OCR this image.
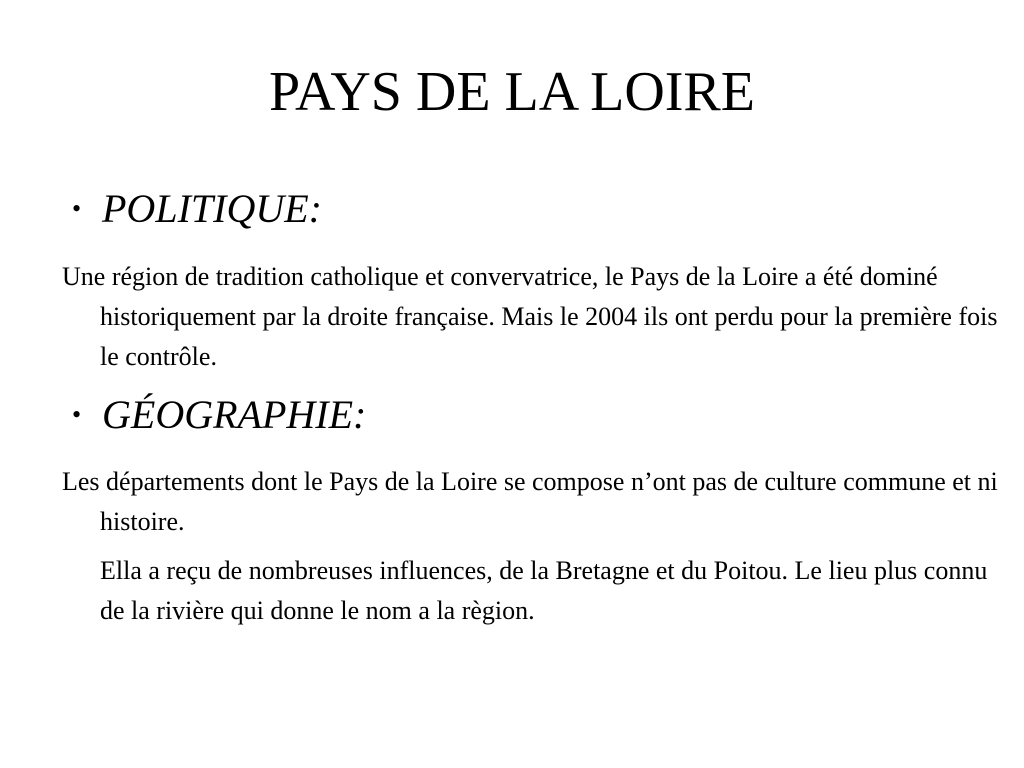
PAYS DE LA LOIRE
• POLITIQUE:

Une région de tradition catholique et convervatrice, le Pays de la Loire a été dominé historiquement par la droite française. Mais le 2004 ils ont perdu pour la première fois le contrôle.

• GÉOGRAPHIE:

Les départements dont le Pays de la Loire se compose n’ont pas de culture commune et ni histoire.

Ella a reçu de nombreuses influences, de la Bretagne et du Poitou. Le lieu plus connu de la rivière qui donne le nom a la règion.
